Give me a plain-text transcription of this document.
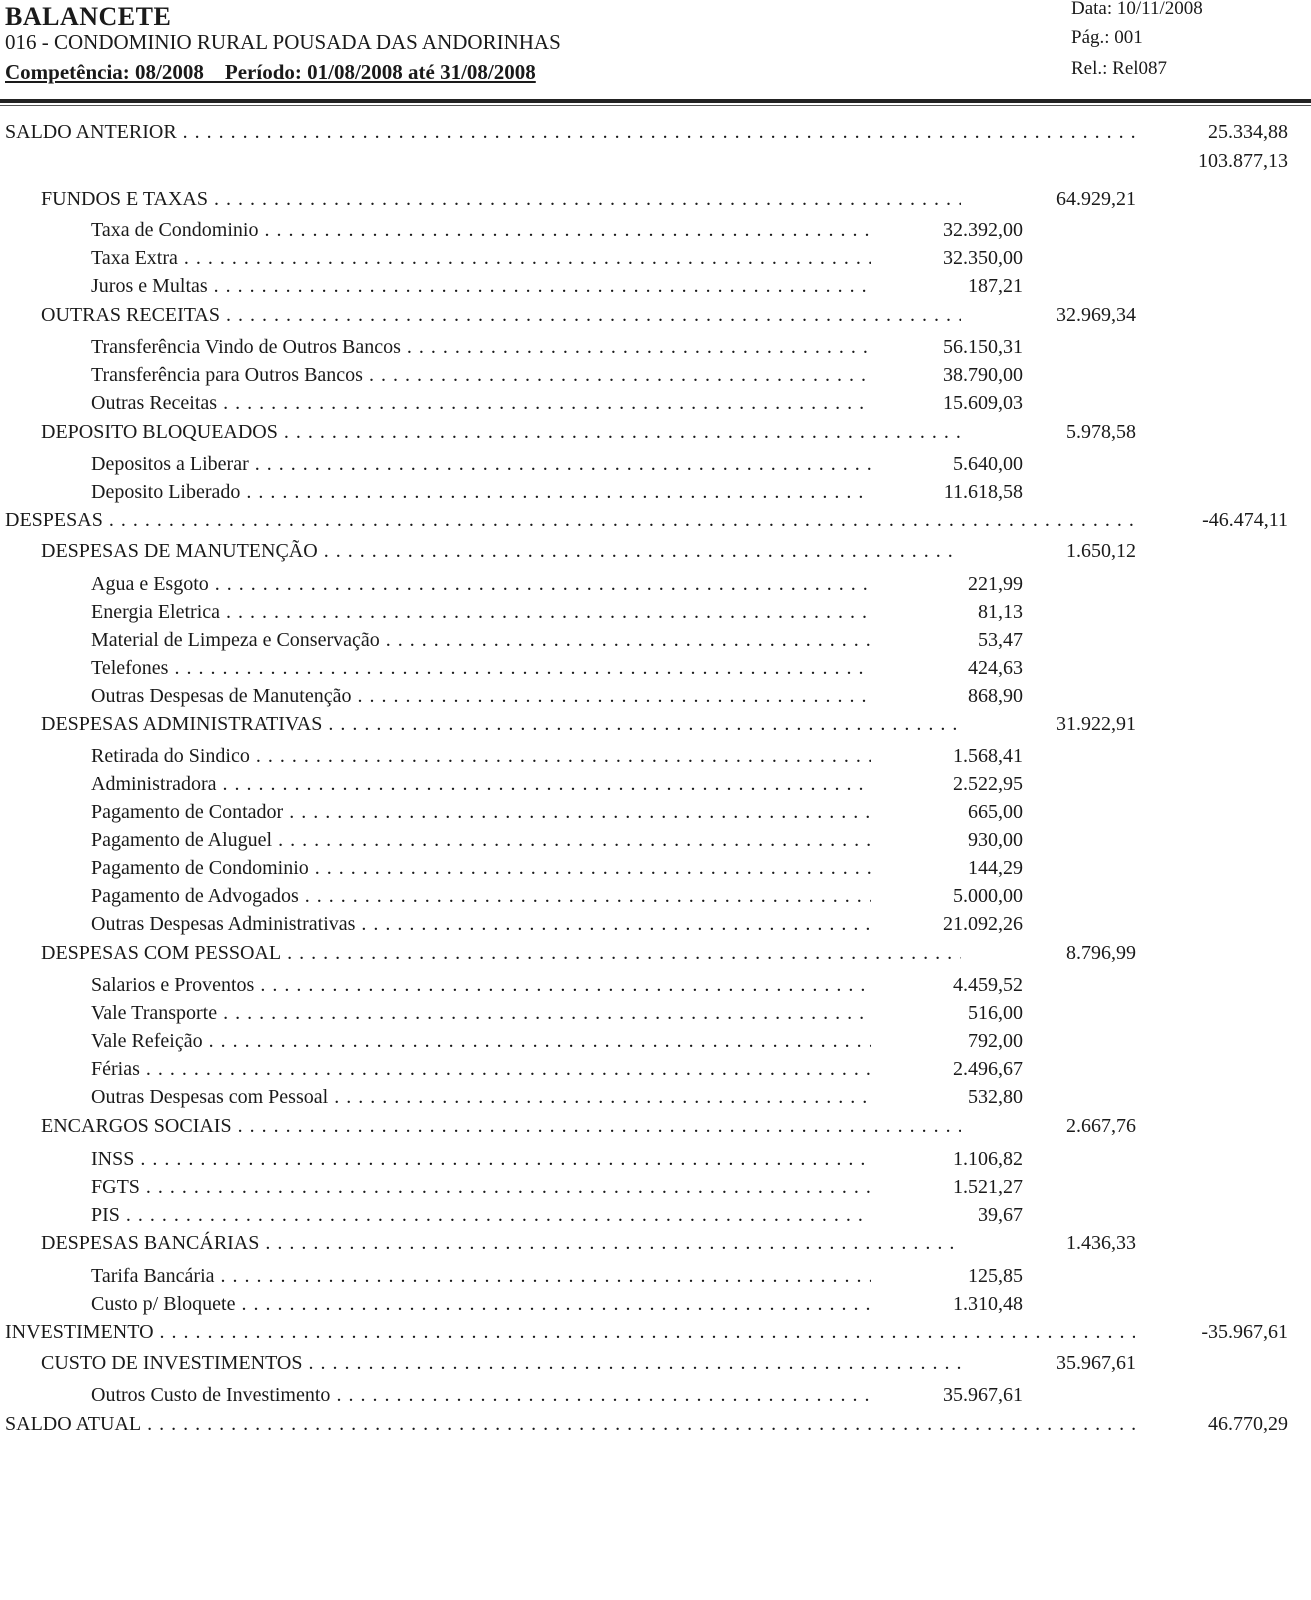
BALANCETE
016 - CONDOMINIO RURAL POUSADA DAS ANDORINHAS
Competência: 08/2008    Período: 01/08/2008 até 31/08/2008
Data: 10/11/2008
Pág.: 001
Rel.: Rel087
SALDO ANTERIOR . . .	25.334,88
103.877,13
FUNDOS E TAXAS . . .	64.929,21
Taxa de Condominio . . .	32.392,00
Taxa Extra . . .	32.350,00
Juros e Multas . . .	187,21
OUTRAS RECEITAS . . .	32.969,34
Transferência Vindo de Outros Bancos . . .	56.150,31
Transferência para Outros Bancos . . .	38.790,00
Outras Receitas . . .	15.609,03
DEPOSITO BLOQUEADOS . . .	5.978,58
Depositos a Liberar . . .	5.640,00
Deposito Liberado . . .	11.618,58
DESPESAS . . .	-46.474,11
DESPESAS DE MANUTENÇÃO . . .	1.650,12
Agua e Esgoto . . .	221,99
Energia Eletrica . . .	81,13
Material de Limpeza e Conservação . . .	53,47
Telefones . . .	424,63
Outras Despesas de Manutenção . . .	868,90
DESPESAS ADMINISTRATIVAS . . .	31.922,91
Retirada do Sindico . . .	1.568,41
Administradora . . .	2.522,95
Pagamento de Contador . . .	665,00
Pagamento de Aluguel . . .	930,00
Pagamento de Condominio . . .	144,29
Pagamento de Advogados . . .	5.000,00
Outras Despesas Administrativas . . .	21.092,26
DESPESAS COM PESSOAL . . .	8.796,99
Salarios e Proventos . . .	4.459,52
Vale Transporte . . .	516,00
Vale Refeição . . .	792,00
Férias . . .	2.496,67
Outras Despesas com Pessoal . . .	532,80
ENCARGOS SOCIAIS . . .	2.667,76
INSS . . .	1.106,82
FGTS . . .	1.521,27
PIS . . .	39,67
DESPESAS BANCÁRIAS . . .	1.436,33
Tarifa Bancária . . .	125,85
Custo p/ Bloquete . . .	1.310,48
INVESTIMENTO . . .	-35.967,61
CUSTO DE INVESTIMENTOS . . .	35.967,61
Outros Custo de Investimento . . .	35.967,61
SALDO ATUAL . . .	46.770,29
